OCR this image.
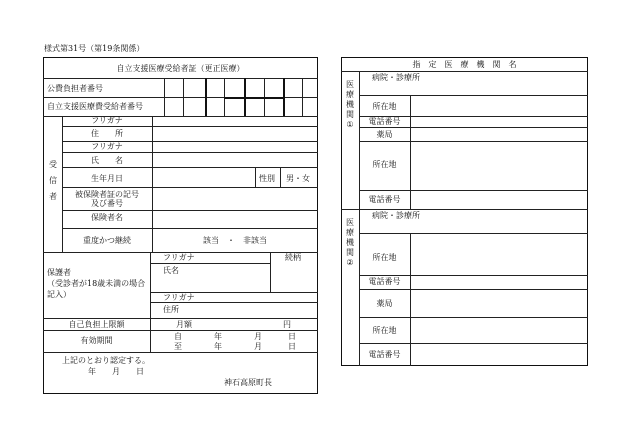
様式第31号（第19条関係）
自立支援医療受給者証（更正医療）
公費負担者番号
自立支援医療費受給者番号
受
信
者
フリガナ
住　　所
フリガナ
氏　　名
生年月日	性別 男・女
被保険者証の記号
及び番号
保険者名
重度かつ継続	該当　・　非該当
保護者
（受診者が18歳未満の場合
記入）
フリガナ
氏名
続柄
フリガナ
住所
自己負担上限額	月額	円
有効期間	自	年	月	日
至	年	月	日
上記のとおり認定する。
年　　月　　日
神石高原町長
指　定　医　療　機　関　名
医
療
機
関
①
病院・診療所
所在地
電話番号
薬局
所在地
電話番号
医
療
機
関
②
病院・診療所
所在地
電話番号
薬局
所在地
電話番号
